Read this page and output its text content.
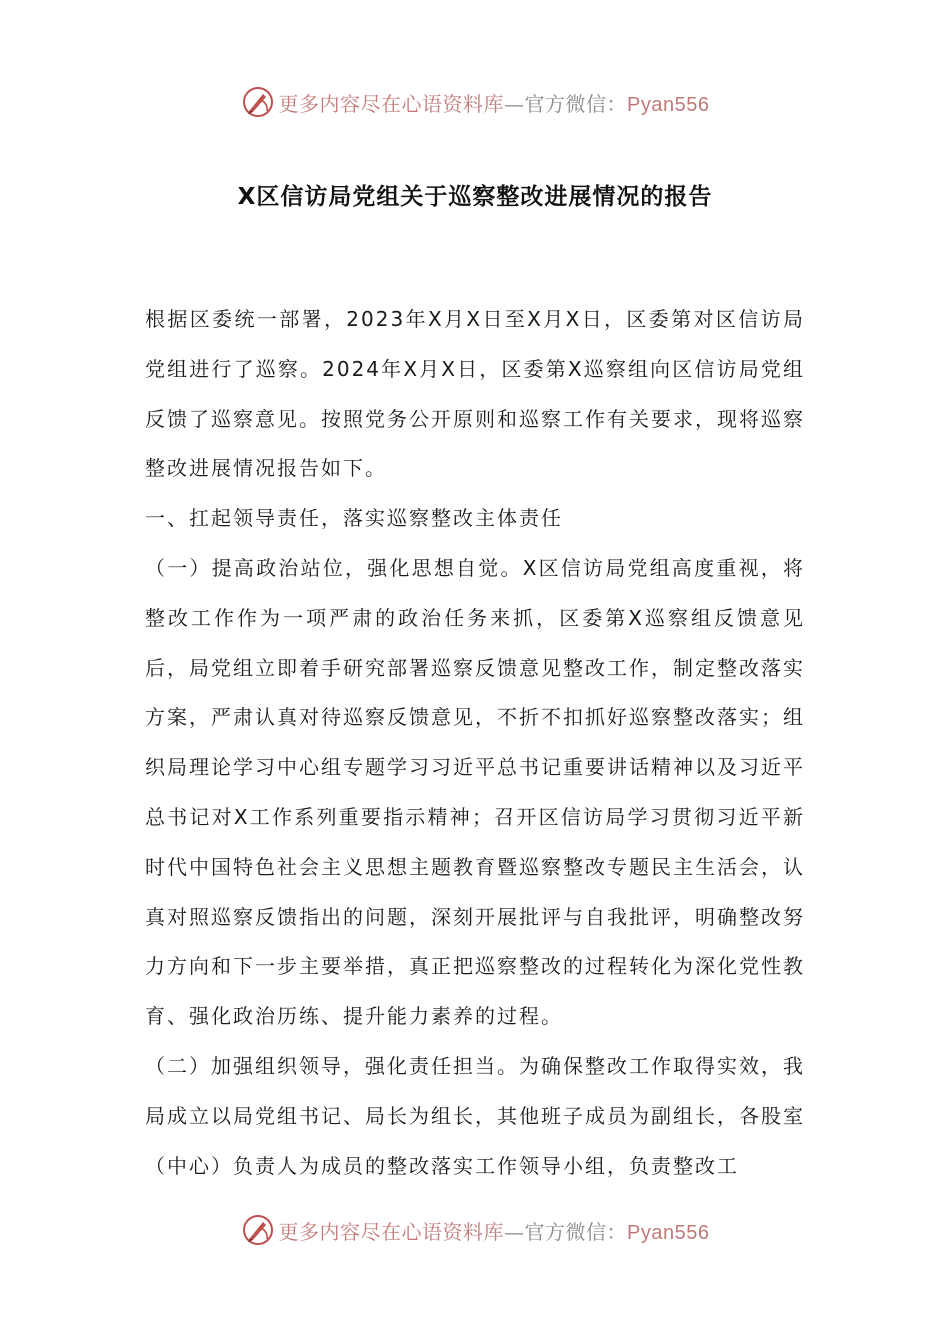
更多内容尽在心语资料库—官方微信：Pyan556
X区信访局党组关于巡察整改进展情况的报告

根据区委统一部署，2023年X月X日至X月X日，区委第对区信访局党组进行了巡察。2024年X月X日，区委第X巡察组向区信访局党组反馈了巡察意见。按照党务公开原则和巡察工作有关要求，现将巡察整改进展情况报告如下。

一、扛起领导责任，落实巡察整改主体责任

（一）提高政治站位，强化思想自觉。X区信访局党组高度重视，将整改工作作为一项严肃的政治任务来抓，区委第X巡察组反馈意见后，局党组立即着手研究部署巡察反馈意见整改工作，制定整改落实方案，严肃认真对待巡察反馈意见，不折不扣抓好巡察整改落实；组织局理论学习中心组专题学习习近平总书记重要讲话精神以及习近平总书记对X工作系列重要指示精神；召开区信访局学习贯彻习近平新时代中国特色社会主义思想主题教育暨巡察整改专题民主生活会，认真对照巡察反馈指出的问题，深刻开展批评与自我批评，明确整改努力方向和下一步主要举措，真正把巡察整改的过程转化为深化党性教育、强化政治历练、提升能力素养的过程。

（二）加强组织领导，强化责任担当。为确保整改工作取得实效，我局成立以局党组书记、局长为组长，其他班子成员为副组长，各股室（中心）负责人为成员的整改落实工作领导小组，负责整改工

更多内容尽在心语资料库—官方微信：Pyan556
